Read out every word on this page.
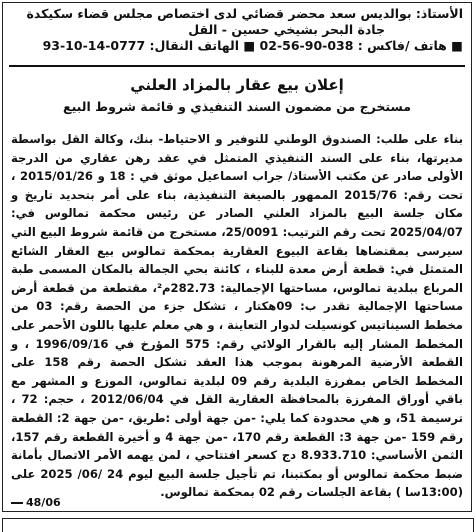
الأستاذ: بوالديس سعد محضر قضائي لدى اختصاص مجلس قضاء سكيكدة
جادة البحر بشيخي حسين - القل
■ هاتف /فاكس : 038-90-56-02 ■ الهاتف النقال: 0777-14-10-93
إعلان بيع عقار بالمزاد العلني
مستخرج من مضمون السند التنفيذي و قائمة شروط البيع

بناء على طلب: الصندوق الوطني للتوفير و الاحتياط- بنك، وكالة القل بواسطة مديرتها، بناء على السند التنفيذي المتمثل في عقد رهن عقاري من الدرجة الأولى صادر عن مكتب الأستاذ/ جراب اسماعيل موثق في : 18 و 2015/01/26 ، تحت رقم: 2015/76 الممهور بالصيغة التنفيذية، بناء على أمر بتحديد تاريخ و مكان جلسة البيع بالمزاد العلني الصادر عن رئيس محكمة تمالوس في: 2025/04/07 تحت رقم الترتيب: 25/0091، مستخرج من قائمة شروط البيع التي سيرسى بمقتضاها بقاعة البيوع العقارية بمحكمة تمالوس بيع العقار الشائع المتمثل في: قطعة أرض معدة للبناء ، كائنة بحي الجمالة بالمكان المسمى طبة المرباع ببلدية تمالوس، مساحتها الإجمالية: 282.73م²، مقتطعة من قطعة أرض مساحتها الإجمالية تقدر ب: 09هكتار ، تشكل جزء من الحصة رقم: 03 من مخطط السيناتيس كونسيلت لدوار التعاينة ، و هي معلم عليها باللون الأحمر على المخطط المشار إليه بالقرار الولائي رقم: 575 المؤرخ في 1996/09/16 ، و القطعة الأرضية المرهونة بموجب هذا العقد تشكل الحصة رقم 158 على المخطط الخاص بمفرزة البلدية رقم 09 لبلدية تمالوس، الموزع و المشهر مع باقي أوراق المفرزة بالمحافظة العقارية القل في 2012/06/04 ، حجم: 72 ، ترسيمة 51، و هي محدودة كما يلي: -من جهة أولى :طريق، -من جهة 2: القطعة رقم 159 -من جهة 3: القطعة رقم 170، -من جهة 4 و أخيرة القطعة رقم 157، الثمن الأساسي: 8.933.710 دج كسعر افتتاحي ، لمن يهمه الأمر الاتصال بأمانة ضبط محكمة تمالوس أو بمكتبنا، تم تأجيل جلسة البيع ليوم 24 /06/ 2025 على (13:00سا ) بقاعة الجلسات رقم 02 بمحكمة تمالوس.

48/06
